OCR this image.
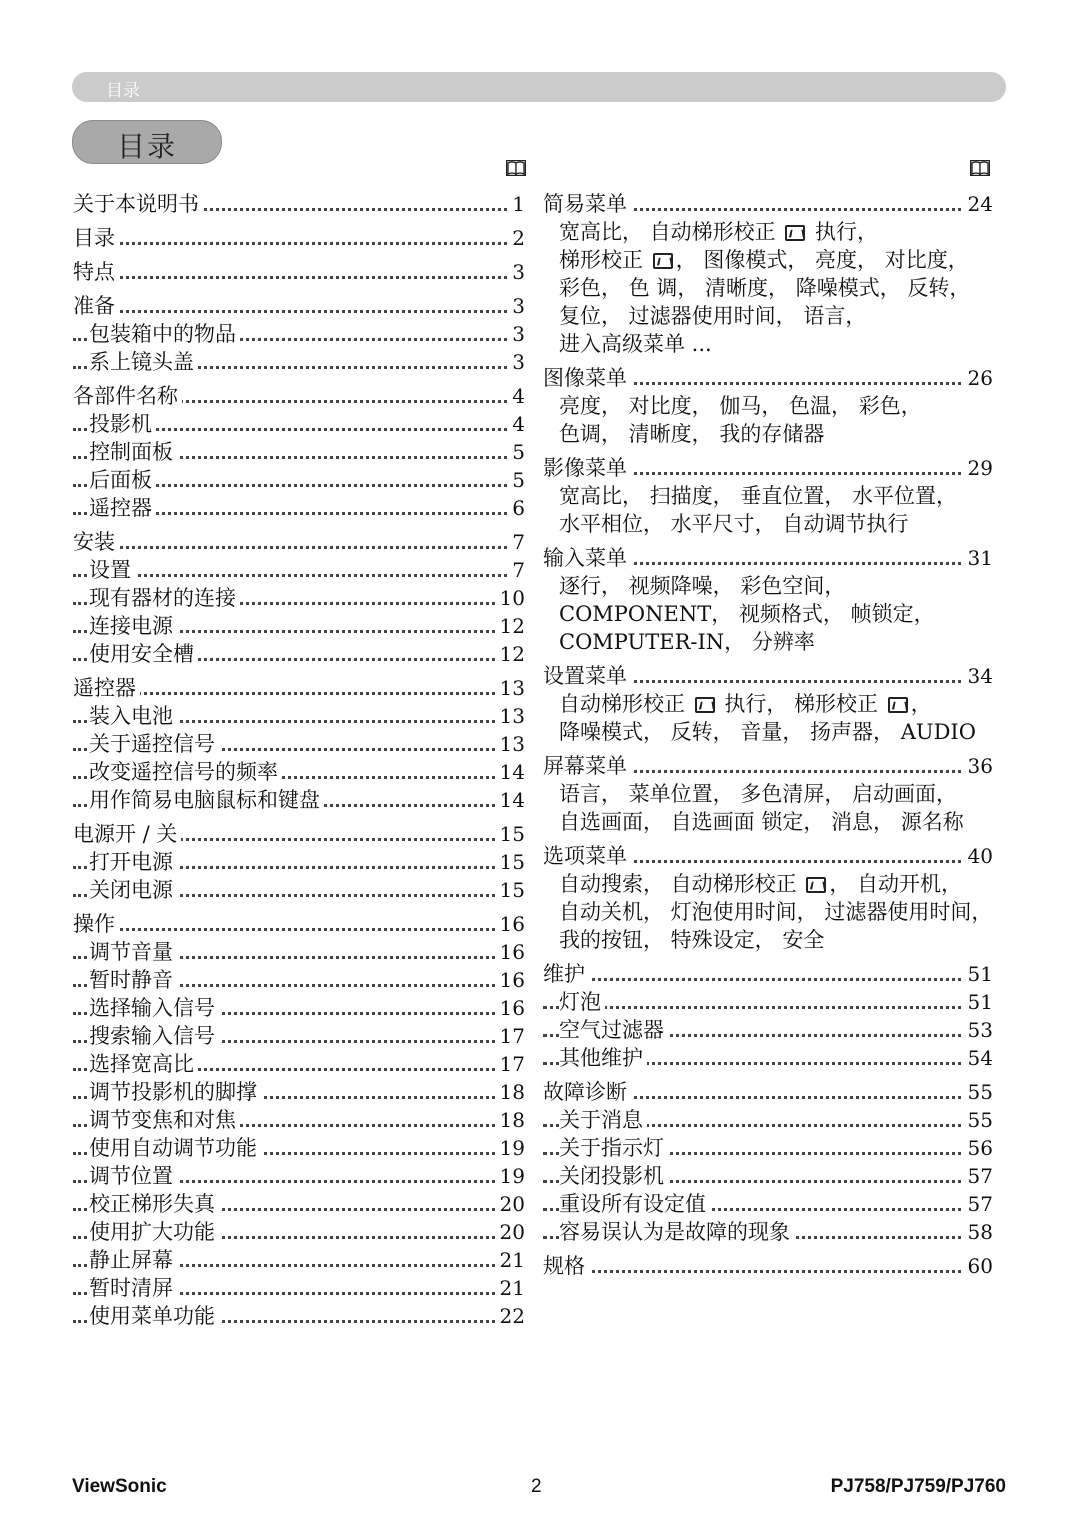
目录
目录
关于本说明书	1
目录	2
特点	3
准备	3
包装箱中的物品	3
系上镜头盖	3
各部件名称	4
投影机	4
控制面板	5
后面板	5
遥控器	6
安装	7
设置	7
现有器材的连接	10
连接电源	12
使用安全槽	12
遥控器	13
装入电池	13
关于遥控信号	13
改变遥控信号的频率	14
用作简易电脑鼠标和键盘	14
电源开 / 关	15
打开电源	15
关闭电源	15
操作	16
调节音量	16
暂时静音	16
选择输入信号	16
搜索输入信号	17
选择宽高比	17
调节投影机的脚撑	18
调节变焦和对焦	18
使用自动调节功能	19
调节位置	19
校正梯形失真	20
使用扩大功能	20
静止屏幕	21
暂时清屏	21
使用菜单功能	22
简易菜单	24
宽高比， 自动梯形校正  执行，
梯形校正 ， 图像模式， 亮度， 对比度，
彩色， 色 调， 清晰度， 降噪模式， 反转，
复位， 过滤器使用时间， 语言，
进入高级菜单 ...
图像菜单	26
亮度， 对比度， 伽马， 色温， 彩色，
色调， 清晰度， 我的存储器
影像菜单	29
宽高比， 扫描度， 垂直位置， 水平位置，
水平相位， 水平尺寸， 自动调节执行
输入菜单	31
逐行， 视频降噪， 彩色空间，
COMPONENT， 视频格式， 帧锁定，
COMPUTER-IN， 分辨率
设置菜单	34
自动梯形校正  执行， 梯形校正 ，
降噪模式， 反转， 音量， 扬声器， AUDIO
屏幕菜单	36
语言， 菜单位置， 多色清屏， 启动画面，
自选画面， 自选画面 锁定， 消息， 源名称
选项菜单	40
自动搜索， 自动梯形校正 ， 自动开机，
自动关机， 灯泡使用时间， 过滤器使用时间，
我的按钮， 特殊设定， 安全
维护	51
灯泡	51
空气过滤器	53
其他维护	54
故障诊断	55
关于消息	55
关于指示灯	56
关闭投影机	57
重设所有设定值	57
容易误认为是故障的现象	58
规格	60
ViewSonic	2	PJ758/PJ759/PJ760
